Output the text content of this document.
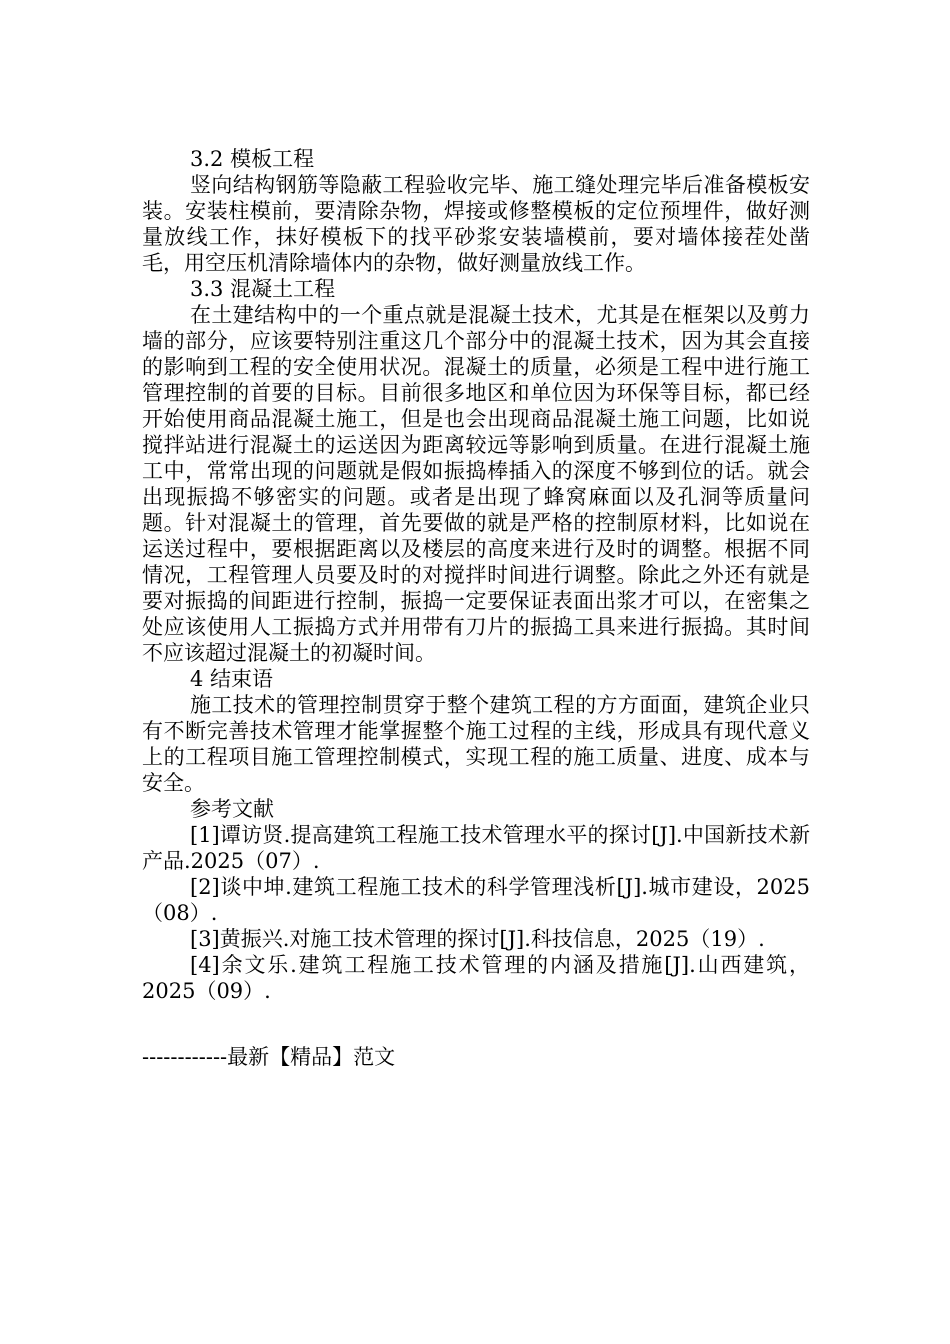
3.2 模板工程

竖向结构钢筋等隐蔽工程验收完毕、施工缝处理完毕后准备模板安装。安装柱模前，要清除杂物，焊接或修整模板的定位预埋件，做好测量放线工作，抹好模板下的找平砂浆安装墙模前，要对墙体接茬处凿毛，用空压机清除墙体内的杂物，做好测量放线工作。

3.3 混凝土工程

在土建结构中的一个重点就是混凝土技术，尤其是在框架以及剪力墙的部分，应该要特别注重这几个部分中的混凝土技术，因为其会直接的影响到工程的安全使用状况。混凝土的质量，必须是工程中进行施工管理控制的首要的目标。目前很多地区和单位因为环保等目标，都已经开始使用商品混凝土施工，但是也会出现商品混凝土施工问题，比如说搅拌站进行混凝土的运送因为距离较远等影响到质量。在进行混凝土施工中，常常出现的问题就是假如振捣棒插入的深度不够到位的话。就会出现振捣不够密实的问题。或者是出现了蜂窝麻面以及孔洞等质量问题。针对混凝土的管理，首先要做的就是严格的控制原材料，比如说在运送过程中，要根据距离以及楼层的高度来进行及时的调整。根据不同情况，工程管理人员要及时的对搅拌时间进行调整。除此之外还有就是要对振捣的间距进行控制，振捣一定要保证表面出浆才可以，在密集之处应该使用人工振捣方式并用带有刀片的振捣工具来进行振捣。其时间不应该超过混凝土的初凝时间。

4 结束语

施工技术的管理控制贯穿于整个建筑工程的方方面面，建筑企业只有不断完善技术管理才能掌握整个施工过程的主线，形成具有现代意义上的工程项目施工管理控制模式，实现工程的施工质量、进度、成本与安全。

参考文献

[1]谭访贤.提高建筑工程施工技术管理水平的探讨[J].中国新技术新产品.2025（07）.

[2]谈中坤.建筑工程施工技术的科学管理浅析[J].城市建设，2025（08）.

[3]黄振兴.对施工技术管理的探讨[J].科技信息，2025（19）.

[4]余文乐.建筑工程施工技术管理的内涵及措施[J].山西建筑，2025（09）.

------------最新【精品】范文
